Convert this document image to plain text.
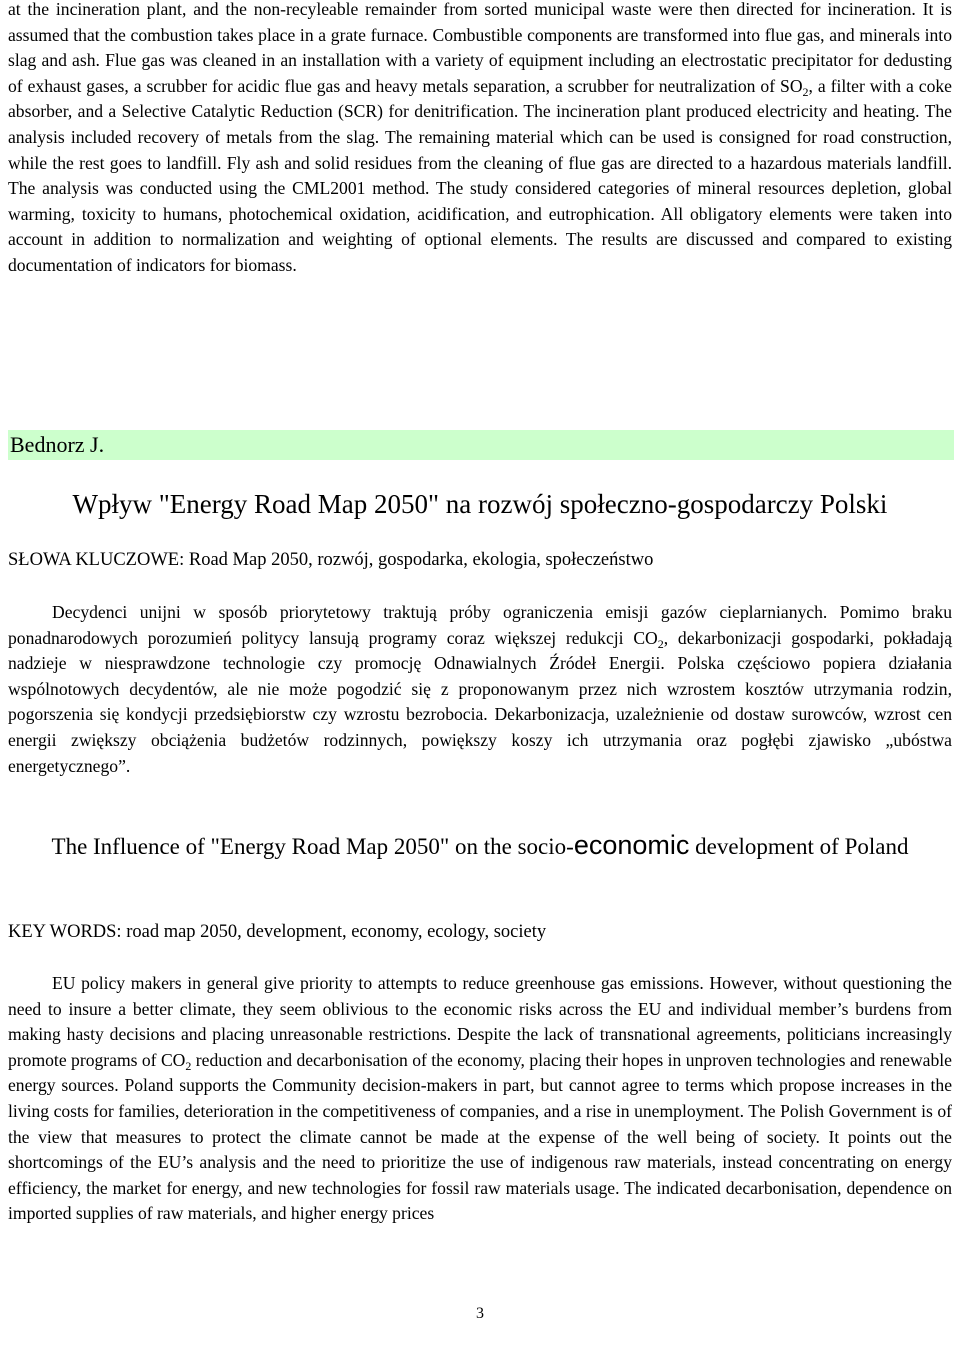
at the incineration plant, and the non-recyleable remainder from sorted municipal waste were then directed for incineration. It is assumed that the combustion takes place in a grate furnace. Combustible components are transformed into flue gas, and minerals into slag and ash. Flue gas was cleaned in an installation with a variety of equipment including an electrostatic precipitator for dedusting of exhaust gases, a scrubber for acidic flue gas and heavy metals separation, a scrubber for neutralization of $SO_2$, a filter with a coke absorber, and a Selective Catalytic Reduction (SCR) for denitrification. The incineration plant produced electricity and heating. The analysis included recovery of metals from the slag. The remaining material which can be used is consigned for road construction, while the rest goes to landfill. Fly ash and solid residues from the cleaning of flue gas are directed to a hazardous materials landfill. The analysis was conducted using the CML2001 method. The study considered categories of mineral resources depletion, global warming, toxicity to humans, photochemical oxidation, acidification, and eutrophication. All obligatory elements were taken into account in addition to normalization and weighting of optional elements. The results are discussed and compared to existing documentation of indicators for biomass.

Bednorz J.
Wpływ "Energy Road Map 2050" na rozwój społeczno-gospodarczy Polski

SŁOWA KLUCZOWE: Road Map 2050, rozwój, gospodarka, ekologia, społeczeństwo

Decydenci unijni w sposób priorytetowy traktują próby ograniczenia emisji gazów cieplarnianych. Pomimo braku ponadnarodowych porozumień politycy lansują programy coraz większej redukcji $CO_2$, dekarbonizacji gospodarki, pokładają nadzieje w niesprawdzone technologie czy promocję Odnawialnych Źródeł Energii. Polska częściowo popiera działania wspólnotowych decydentów, ale nie może pogodzić się z proponowanym przez nich wzrostem kosztów utrzymania rodzin, pogorszenia się kondycji przedsiębiorstw czy wzrostu bezrobocia. Dekarbonizacja, uzależnienie od dostaw surowców, wzrost cen energii zwiększy obciążenia budżetów rodzinnych, powiększy koszy ich utrzymania oraz pogłębi zjawisko „ubóstwa energetycznego”.

The Influence of "Energy Road Map 2050" on the socio-economic development of Poland

KEY WORDS: road map 2050, development, economy, ecology, society

EU policy makers in general give priority to attempts to reduce greenhouse gas emissions. However, without questioning the need to insure a better climate, they seem oblivious to the economic risks across the EU and individual member’s burdens from making hasty decisions and placing unreasonable restrictions. Despite the lack of transnational agreements, politicians increasingly promote programs of $CO_2$ reduction and decarbonisation of the economy, placing their hopes in unproven technologies and renewable energy sources. Poland supports the Community decision-makers in part, but cannot agree to terms which propose increases in the living costs for families, deterioration in the competitiveness of companies, and a rise in unemployment. The Polish Government is of the view that measures to protect the climate cannot be made at the expense of the well being of society. It points out the shortcomings of the EU’s analysis and the need to prioritize the use of indigenous raw materials, instead concentrating on energy efficiency, the market for energy, and new technologies for fossil raw materials usage. The indicated decarbonisation, dependence on imported supplies of raw materials, and higher energy prices

3
